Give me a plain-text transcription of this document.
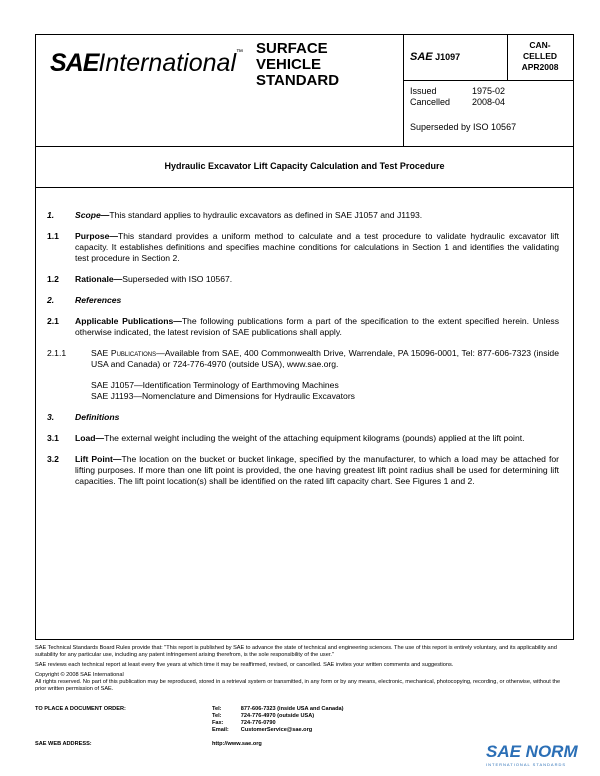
SAEInternational™ SURFACE
VEHICLE
STANDARD
SAE J1097
CAN-
CELLED
APR2008
Issued	1975-02
Cancelled	2008-04
Superseded by ISO 10567
Hydraulic Excavator Lift Capacity Calculation and Test Procedure
1. Scope—This standard applies to hydraulic excavators as defined in SAE J1057 and J1193.
1.1 Purpose—This standard provides a uniform method to calculate and a test procedure to validate hydraulic excavator lift capacity. It establishes definitions and specifies machine conditions for calculations in Section 1 and identifies the validating test procedure in Section 2.
1.2 Rationale—Superseded with ISO 10567.
2. References
2.1 Applicable Publications—The following publications form a part of the specification to the extent specified herein. Unless otherwise indicated, the latest revision of SAE publications shall apply.
2.1.1	SAE Publications—Available from SAE, 400 Commonwealth Drive, Warrendale, PA 15096-0001, Tel: 877-606-7323 (inside USA and Canada) or 724-776-4970 (outside USA), www.sae.org.
SAE J1057—Identification Terminology of Earthmoving Machines
SAE J1193—Nomenclature and Dimensions for Hydraulic Excavators
3. Definitions
3.1 Load—The external weight including the weight of the attaching equipment kilograms (pounds) applied at the lift point.
3.2 Lift Point—The location on the bucket or bucket linkage, specified by the manufacturer, to which a load may be attached for lifting purposes. If more than one lift point is provided, the one having greatest lift point radius shall be used for determining lift capacities. The lift point location(s) shall be identified on the rated lift capacity chart. See Figures 1 and 2.

SAE Technical Standards Board Rules provide that: "This report is published by SAE to advance the state of technical and engineering sciences. The use of this report is entirely voluntary, and its applicability and suitability for any particular use, including any patent infringement arising therefrom, is the sole responsibility of the user."

SAE reviews each technical report at least every five years at which time it may be reaffirmed, revised, or cancelled. SAE invites your written comments and suggestions.

Copyright © 2008 SAE International

All rights reserved. No part of this publication may be reproduced, stored in a retrieval system or transmitted, in any form or by any means, electronic, mechanical, photocopying, recording, or otherwise, without the prior written permission of SAE.

TO PLACE A DOCUMENT ORDER:	Tel:	877-606-7323 (inside USA and Canada)
Tel:	724-776-4970 (outside USA)
Fax:	724-776-0790
Email:	CustomerService@sae.org
SAE WEB ADDRESS:	http://www.sae.org	SAE NORM
INTERNATIONAL STANDARDS
